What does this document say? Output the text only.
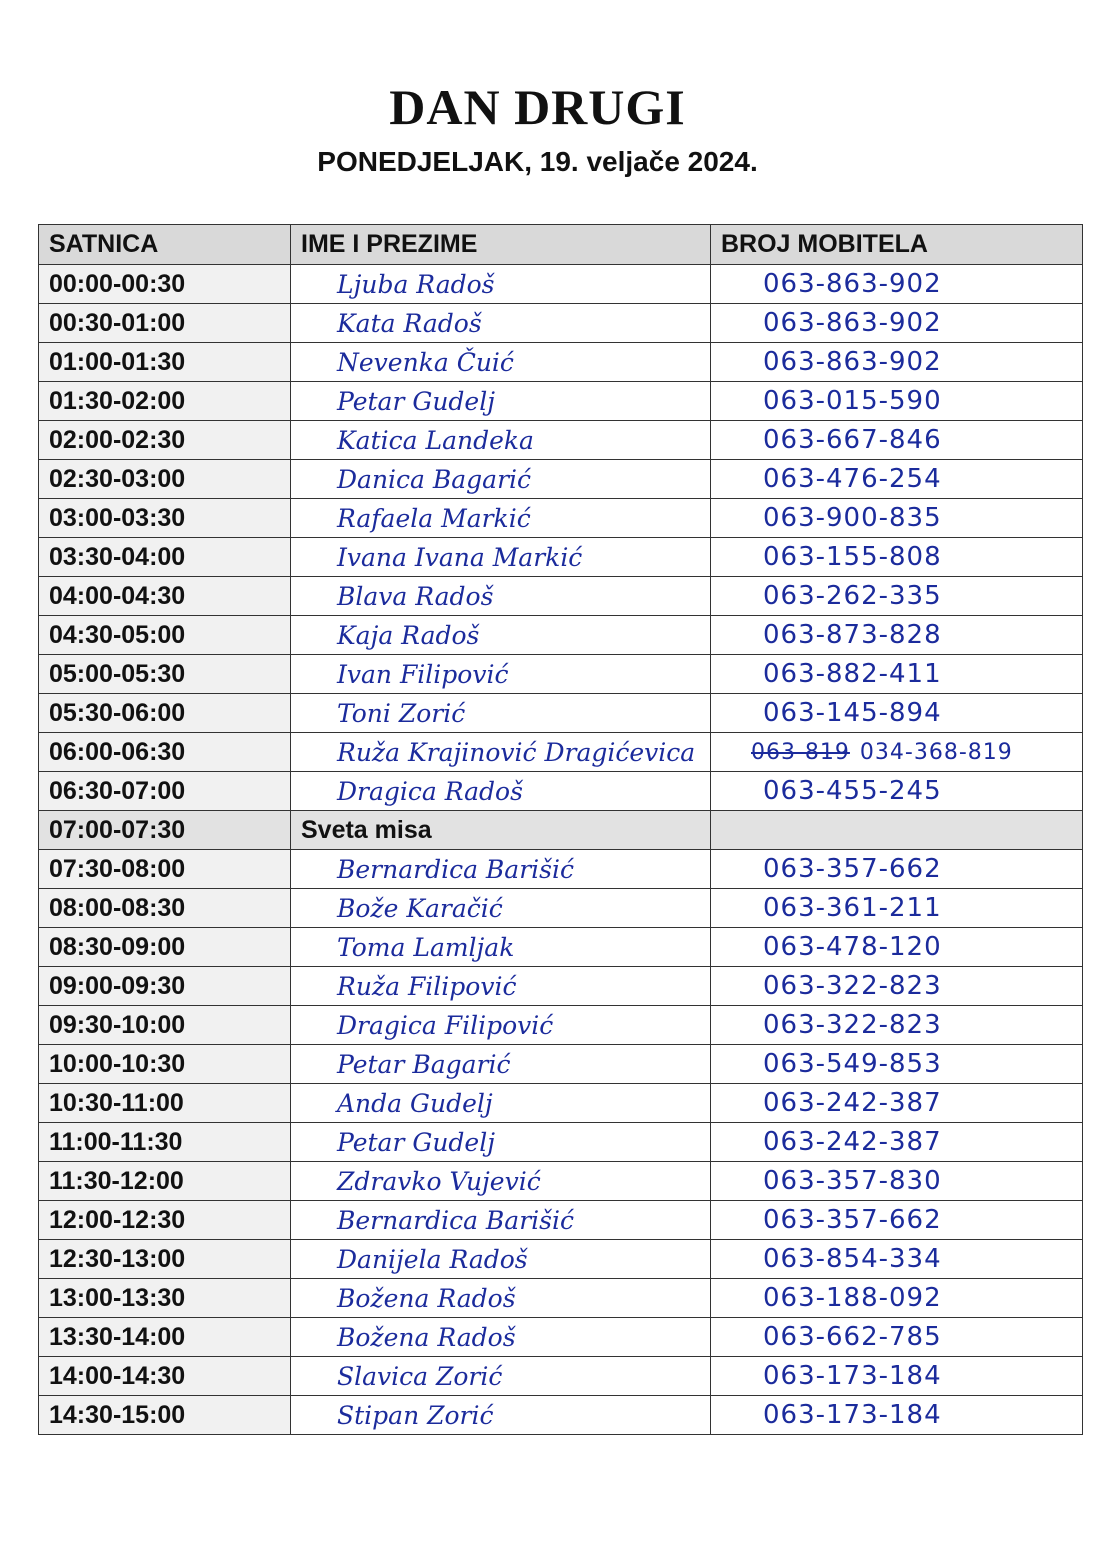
DAN DRUGI
PONEDJELJAK, 19. veljače 2024.
SATNICA	IME I PREZIME	BROJ MOBITELA
00:00-00:30	Ljuba Radoš	063-863-902
00:30-01:00	Kata Radoš	063-863-902
01:00-01:30	Nevenka Čuić	063-863-902
01:30-02:00	Petar Gudelj	063-015-590
02:00-02:30	Katica Landeka	063-667-846
02:30-03:00	Danica Bagarić	063-476-254
03:00-03:30	Rafaela Markić	063-900-835
03:30-04:00	Ivana Ivana Markić	063-155-808
04:00-04:30	Blava Radoš	063-262-335
04:30-05:00	Kaja Radoš	063-873-828
05:00-05:30	Ivan Filipović	063-882-411
05:30-06:00	Toni Zorić	063-145-894
06:00-06:30	Ruža Krajinović Dragićevica	063-819 034-368-819
06:30-07:00	Dragica Radoš	063-455-245
07:00-07:30	Sveta misa	
07:30-08:00	Bernardica Barišić	063-357-662
08:00-08:30	Bože Karačić	063-361-211
08:30-09:00	Toma Lamljak	063-478-120
09:00-09:30	Ruža Filipović	063-322-823
09:30-10:00	Dragica Filipović	063-322-823
10:00-10:30	Petar Bagarić	063-549-853
10:30-11:00	Anda Gudelj	063-242-387
11:00-11:30	Petar Gudelj	063-242-387
11:30-12:00	Zdravko Vujević	063-357-830
12:00-12:30	Bernardica Barišić	063-357-662
12:30-13:00	Danijela Radoš	063-854-334
13:00-13:30	Božena Radoš	063-188-092
13:30-14:00	Božena Radoš	063-662-785
14:00-14:30	Slavica Zorić	063-173-184
14:30-15:00	Stipan Zorić	063-173-184
